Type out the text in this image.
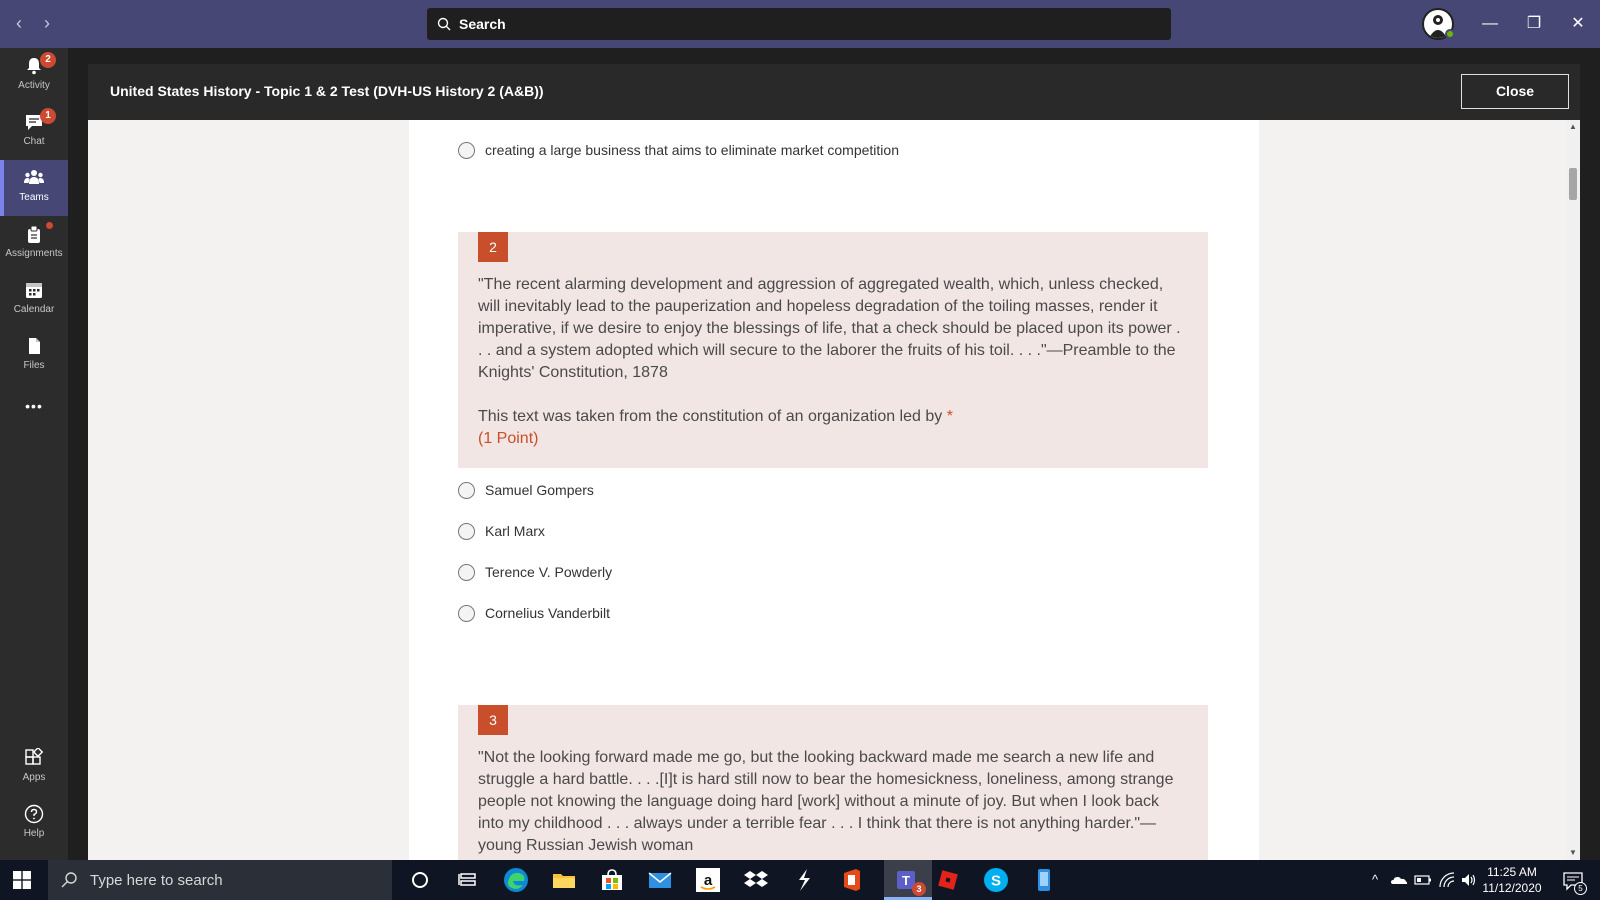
‹	›	Search	—	❐	✕
2
Activity
1
Chat
Teams
Assignments
Calendar
Files
•••
Apps
Help
United States History - Topic 1 & 2 Test (DVH-US History 2 (A&B))	Close
creating a large business that aims to eliminate market competition
2
"The recent alarming development and aggression of aggregated wealth, which, unless checked, will inevitably lead to the pauperization and hopeless degradation of the toiling masses, render it imperative, if we desire to enjoy the blessings of life, that a check should be placed upon its power . . . and a system adopted which will secure to the laborer the fruits of his toil. . . ."—Preamble to the Knights' Constitution, 1878
This text was taken from the constitution of an organization led by *
(1 Point)
Samuel Gompers
Karl Marx
Terence V. Powderly
Cornelius Vanderbilt
3
"Not the looking forward made me go, but the looking backward made me search a new life and struggle a hard battle. . . .[I]t is hard still now to bear the homesickness, loneliness, among strange people not knowing the language doing hard [work] without a minute of joy. But when I look back into my childhood . . . always under a terrible fear . . . I think that there is not anything harder."—young Russian Jewish woman
▲
▼
Type here to search	a	T
3	S	^	11:25 AM
11/12/2020	5
